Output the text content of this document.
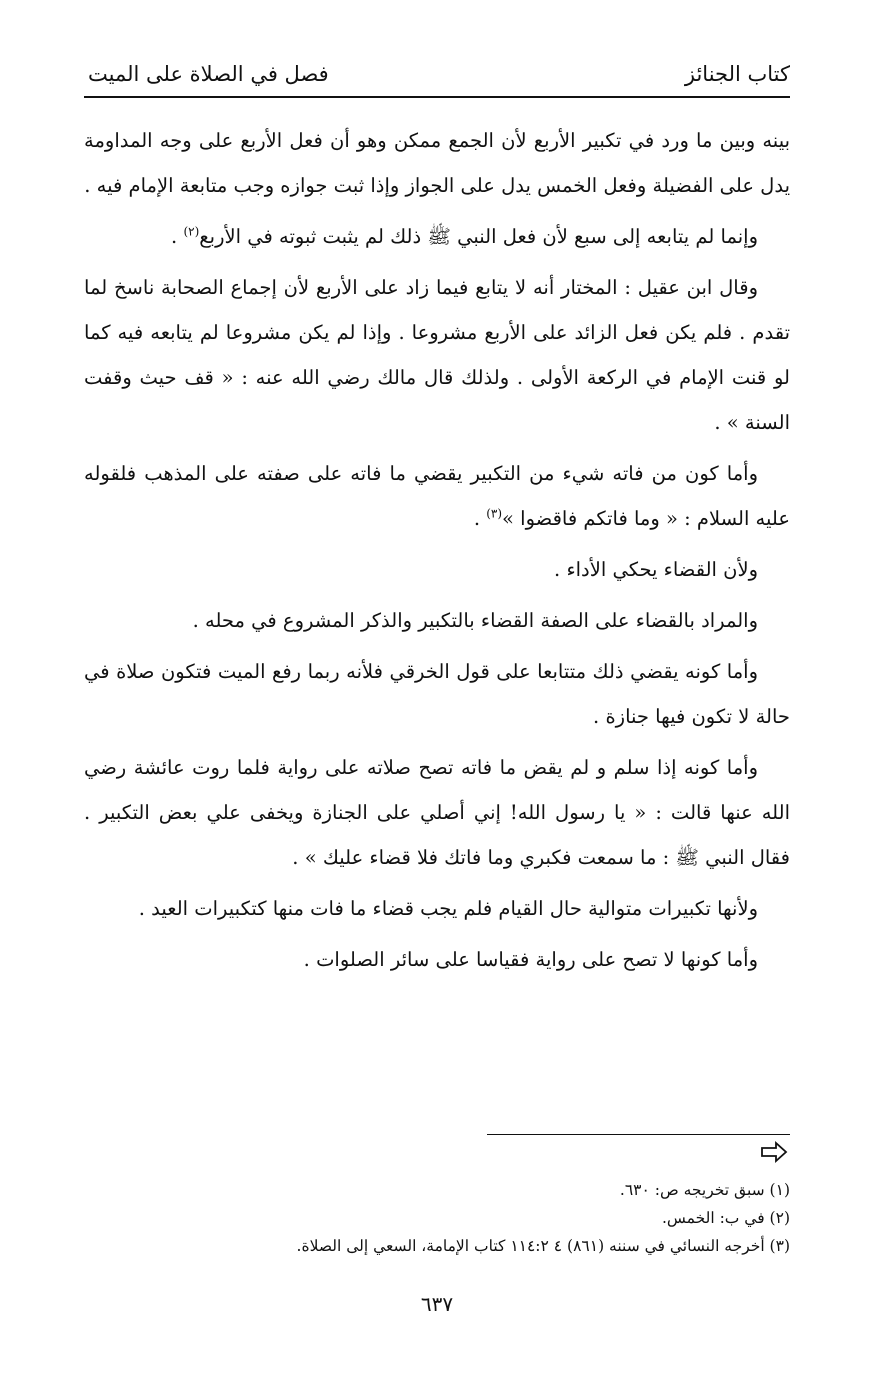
كتاب الجنائز
فصل في الصلاة على الميت

بينه وبين ما ورد في تكبير الأربع لأن الجمع ممكن وهو أن فعل الأربع على وجه المداومة يدل على الفضيلة وفعل الخمس يدل على الجواز وإذا ثبت جوازه وجب متابعة الإمام فيه .

وإنما لم يتابعه إلى سبع لأن فعل النبي ﷺ ذلك لم يثبت ثبوته في الأربع$^{(٢)}$ .

وقال ابن عقيل : المختار أنه لا يتابع فيما زاد على الأربع لأن إجماع الصحابة ناسخ لما تقدم . فلم يكن فعل الزائد على الأربع مشروعا . وإذا لم يكن مشروعا لم يتابعه فيه كما لو قنت الإمام في الركعة الأولى . ولذلك قال مالك رضي الله عنه : « قف حيث وقفت السنة » .

وأما كون من فاته شيء من التكبير يقضي ما فاته على صفته على المذهب فلقوله عليه السلام : « وما فاتكم فاقضوا »$^{(٣)}$ .

ولأن القضاء يحكي الأداء .

والمراد بالقضاء على الصفة القضاء بالتكبير والذكر المشروع في محله .

وأما كونه يقضي ذلك متتابعا على قول الخرقي فلأنه ربما رفع الميت فتكون صلاة في حالة لا تكون فيها جنازة .

وأما كونه إذا سلم و لم يقض ما فاته تصح صلاته على رواية فلما روت عائشة رضي الله عنها قالت : « يا رسول الله! إني أصلي على الجنازة ويخفى علي بعض التكبير . فقال النبي ﷺ : ما سمعت فكبري وما فاتك فلا قضاء عليك » .

ولأنها تكبيرات متوالية حال القيام فلم يجب قضاء ما فات منها كتكبيرات العيد .

وأما كونها لا تصح على رواية فقياسا على سائر الصلوات .

(١) سبق تخريجه ص: ٦٣٠.

(٢) في ب: الخمس.

(٣) أخرجه النسائي في سننه (٨٦١) ٤ ١١٤:٢ كتاب الإمامة، السعي إلى الصلاة.

٦٣٧
